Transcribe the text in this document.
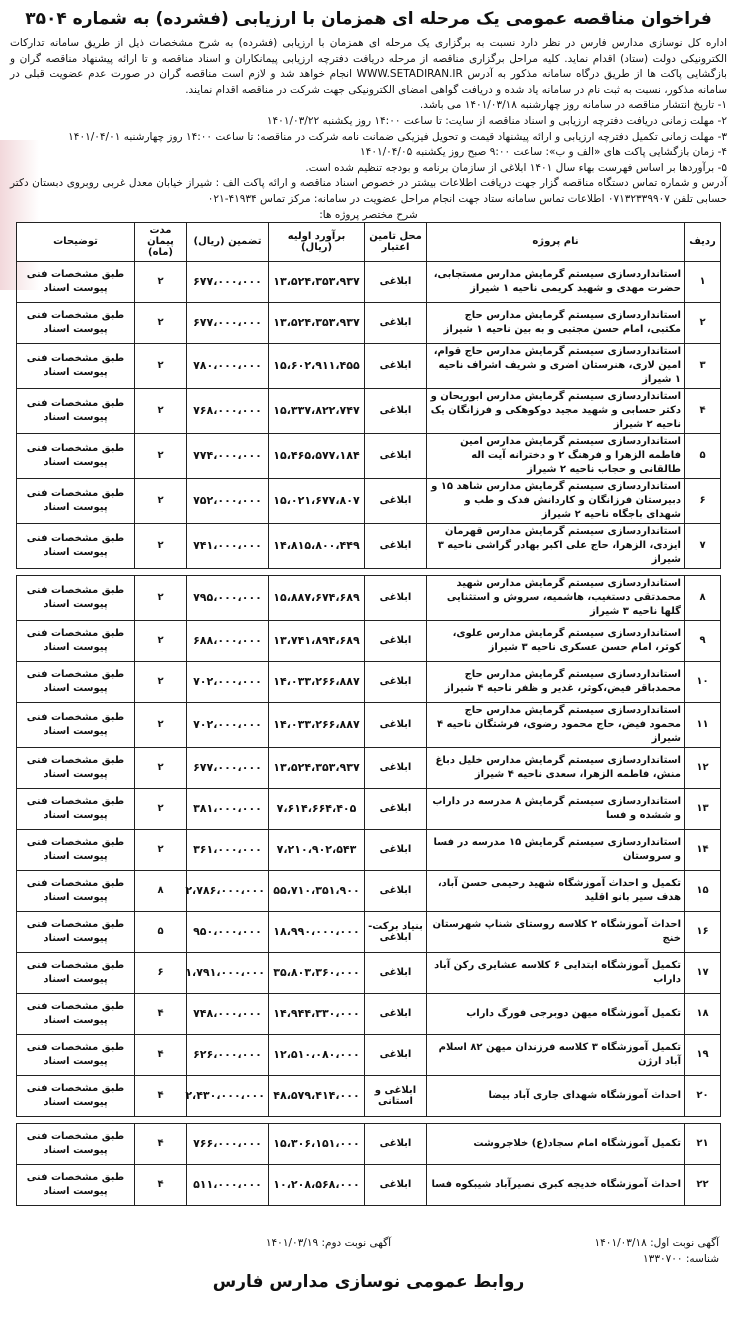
فراخوان مناقصه عمومی یک مرحله ای همزمان با ارزیابی (فشرده) به شماره ۳۵۰۴

اداره کل نوسازی مدارس فارس در نظر دارد نسبت به برگزاری یک مرحله ای همزمان با ارزیابی (فشرده) به شرح مشخصات ذیل از طریق سامانه تدارکات الکترونیکی دولت (ستاد) اقدام نماید. کلیه مراحل برگزاری مناقصه از مرحله دریافت دفترچه ارزیابی پیمانکاران و اسناد مناقصه و تا ارائه پیشنهاد مناقصه گران و بازگشایی پاکت ها از طریق درگاه سامانه مذکور به آدرس WWW.SETADIRAN.IR انجام خواهد شد و لازم است مناقصه گران در صورت عدم عضویت قبلی در سامانه مذکور، نسبت به ثبت نام در سامانه یاد شده و دریافت گواهی امضای الکترونیکی جهت شرکت در مناقصه اقدام نمایند.

۱- تاریخ انتشار مناقصه در سامانه روز چهارشنبه ۱۴۰۱/۰۳/۱۸ می باشد.
۲- مهلت زمانی دریافت دفترچه ارزیابی و اسناد مناقصه از سایت: تا ساعت ۱۴:۰۰ روز یکشنبه ۱۴۰۱/۰۳/۲۲
۳- مهلت زمانی تکمیل دفترچه ارزیابی و ارائه پیشنهاد قیمت و تحویل فیزیکی ضمانت نامه شرکت در مناقصه: تا ساعت ۱۴:۰۰ روز چهارشنبه ۱۴۰۱/۰۴/۰۱
۴- زمان بازگشایی پاکت های «الف و ب»: ساعت ۹:۰۰ صبح روز یکشنبه ۱۴۰۱/۰۴/۰۵
۵- برآوردها بر اساس فهرست بهاء سال ۱۴۰۱ ابلاغی از سازمان برنامه و بودجه تنظیم شده است.
آدرس و شماره تماس دستگاه مناقصه گزار جهت دریافت اطلاعات بیشتر در خصوص اسناد مناقصه و ارائه پاکت الف : شیراز خیابان معدل غربی روبروی دبستان دکتر حسابی تلفن ۰۷۱۳۲۳۳۹۹۰۷ اطلاعات تماس سامانه ستاد جهت انجام مراحل عضویت در سامانه: مرکز تماس ۴۱۹۳۴-۰۲۱
شرح مختصر پروژه ها:
ردیف	نام پروژه	محل تامین اعتبار	برآورد اولیه (ریال)	تضمین (ریال)	مدت پیمان (ماه)	توضیحات
۱	استانداردسازی سیستم گرمایش مدارس مستجابی، حضرت مهدی و شهید کریمی ناحیه ۱ شیراز	ابلاغی	۱۳،۵۲۴،۳۵۳،۹۳۷	۶۷۷،۰۰۰،۰۰۰	۲	طبق مشخصات فنی پیوست اسناد
۲	استانداردسازی سیستم گرمایش مدارس حاج مکتبی، امام حسن مجتبی و به بین ناحیه ۱ شیراز	ابلاغی	۱۳،۵۲۴،۳۵۳،۹۳۷	۶۷۷،۰۰۰،۰۰۰	۲	طبق مشخصات فنی پیوست اسناد
۳	استانداردسازی سیستم گرمایش مدارس حاج قوام، امین لاری، هنرستان اضری و شریف اشراف ناحیه ۱ شیراز	ابلاغی	۱۵،۶۰۲،۹۱۱،۴۵۵	۷۸۰،۰۰۰،۰۰۰	۲	طبق مشخصات فنی پیوست اسناد
۴	استانداردسازی سیستم گرمایش مدارس ابوریحان و دکتر حسابی و شهید مجید دوکوهکی و فرزانگان یک ناحیه ۲ شیراز	ابلاغی	۱۵،۳۳۷،۸۲۲،۷۴۷	۷۶۸،۰۰۰،۰۰۰	۲	طبق مشخصات فنی پیوست اسناد
۵	استانداردسازی سیستم گرمایش مدارس امین فاطمه الزهرا و فرهنگ ۲ و دخترانه آیت اله طالقانی و حجاب ناحیه ۲ شیراز	ابلاغی	۱۵،۴۶۵،۵۷۷،۱۸۴	۷۷۴،۰۰۰،۰۰۰	۲	طبق مشخصات فنی پیوست اسناد
۶	استانداردسازی سیستم گرمایش مدارس شاهد ۱۵ و دبیرستان فرزانگان و کاردانش فدک و طب و شهدای باجگاه ناحیه ۲ شیراز	ابلاغی	۱۵،۰۲۱،۶۷۷،۸۰۷	۷۵۲،۰۰۰،۰۰۰	۲	طبق مشخصات فنی پیوست اسناد
۷	استانداردسازی سیستم گرمایش مدارس قهرمان ایزدی، الزهرا، حاج علی اکبر بهادر گراشی ناحیه ۳ شیراز	ابلاغی	۱۴،۸۱۵،۸۰۰،۴۴۹	۷۴۱،۰۰۰،۰۰۰	۲	طبق مشخصات فنی پیوست اسناد

۸	استانداردسازی سیستم گرمایش مدارس شهید محمدتقی دستغیب، هاشمیه، سروش و استثنایی گلها ناحیه ۳ شیراز	ابلاغی	۱۵،۸۸۷،۶۷۴،۶۸۹	۷۹۵،۰۰۰،۰۰۰	۲	طبق مشخصات فنی پیوست اسناد
۹	استانداردسازی سیستم گرمایش مدارس علوی، کوثر، امام حسن عسکری ناحیه ۳ شیراز	ابلاغی	۱۳،۷۴۱،۸۹۴،۶۸۹	۶۸۸،۰۰۰،۰۰۰	۲	طبق مشخصات فنی پیوست اسناد
۱۰	استانداردسازی سیستم گرمایش مدارس حاج محمدباقر فیض،کوثر، غدیر و ظفر ناحیه ۴ شیراز	ابلاغی	۱۴،۰۳۳،۲۶۶،۸۸۷	۷۰۲،۰۰۰،۰۰۰	۲	طبق مشخصات فنی پیوست اسناد
۱۱	استانداردسازی سیستم گرمایش مدارس حاج محمود فیض، حاج محمود رضوی، فرشتگان ناحیه ۴ شیراز	ابلاغی	۱۴،۰۳۳،۲۶۶،۸۸۷	۷۰۲،۰۰۰،۰۰۰	۲	طبق مشخصات فنی پیوست اسناد
۱۲	استانداردسازی سیستم گرمایش مدارس خلیل دباغ منش، فاطمه الزهرا، سعدی ناحیه ۴ شیراز	ابلاغی	۱۳،۵۲۴،۳۵۳،۹۳۷	۶۷۷،۰۰۰،۰۰۰	۲	طبق مشخصات فنی پیوست اسناد
۱۳	استانداردسازی سیستم گرمایش ۸ مدرسه در داراب و ششده و فسا	ابلاغی	۷،۶۱۴،۶۶۴،۴۰۵	۳۸۱،۰۰۰،۰۰۰	۲	طبق مشخصات فنی پیوست اسناد
۱۴	استانداردسازی سیستم گرمایش ۱۵ مدرسه در فسا و سروستان	ابلاغی	۷،۲۱۰،۹۰۲،۵۴۳	۳۶۱،۰۰۰،۰۰۰	۲	طبق مشخصات فنی پیوست اسناد
۱۵	تکمیل و احداث آموزشگاه شهید رحیمی حسن آباد، هدف سیر بانو اقلید	ابلاغی	۵۵،۷۱۰،۳۵۱،۹۰۰	۲،۷۸۶،۰۰۰،۰۰۰	۸	طبق مشخصات فنی پیوست اسناد
۱۶	احداث آموزشگاه ۲ کلاسه روستای شناپ شهرستان خنج	بنیاد برکت- ابلاغی	۱۸،۹۹۰،۰۰۰،۰۰۰	۹۵۰،۰۰۰،۰۰۰	۵	طبق مشخصات فنی پیوست اسناد
۱۷	تکمیل آموزشگاه ابتدایی ۶ کلاسه عشایری رکن آباد داراب	ابلاغی	۳۵،۸۰۳،۳۶۰،۰۰۰	۱،۷۹۱،۰۰۰،۰۰۰	۶	طبق مشخصات فنی پیوست اسناد
۱۸	تکمیل آموزشگاه میهن دوبرجی فورگ داراب	ابلاغی	۱۴،۹۴۴،۳۳۰،۰۰۰	۷۴۸،۰۰۰،۰۰۰	۴	طبق مشخصات فنی پیوست اسناد
۱۹	تکمیل آموزشگاه ۳ کلاسه فرزندان میهن ۸۲ اسلام آباد ارژن	ابلاغی	۱۲،۵۱۰،۰۸۰،۰۰۰	۶۲۶،۰۰۰،۰۰۰	۴	طبق مشخصات فنی پیوست اسناد
۲۰	احداث آموزشگاه شهدای جاری آباد بیضا	ابلاغی و استانی	۴۸،۵۷۹،۴۱۴،۰۰۰	۲،۴۳۰،۰۰۰،۰۰۰	۴	طبق مشخصات فنی پیوست اسناد

۲۱	تکمیل آموزشگاه امام سجاد(ع) خلاجروشت	ابلاغی	۱۵،۳۰۶،۱۵۱،۰۰۰	۷۶۶،۰۰۰،۰۰۰	۴	طبق مشخصات فنی پیوست اسناد
۲۲	احداث آموزشگاه خدیجه کبری نصیرآباد شیبکوه فسا	ابلاغی	۱۰،۲۰۸،۵۶۸،۰۰۰	۵۱۱،۰۰۰،۰۰۰	۴	طبق مشخصات فنی پیوست اسناد
آگهی نوبت اول: ۱۴۰۱/۰۳/۱۸
آگهی نوبت دوم: ۱۴۰۱/۰۳/۱۹
شناسه: ۱۳۳۰۷۰۰
روابط عمومی نوسازی مدارس فارس
